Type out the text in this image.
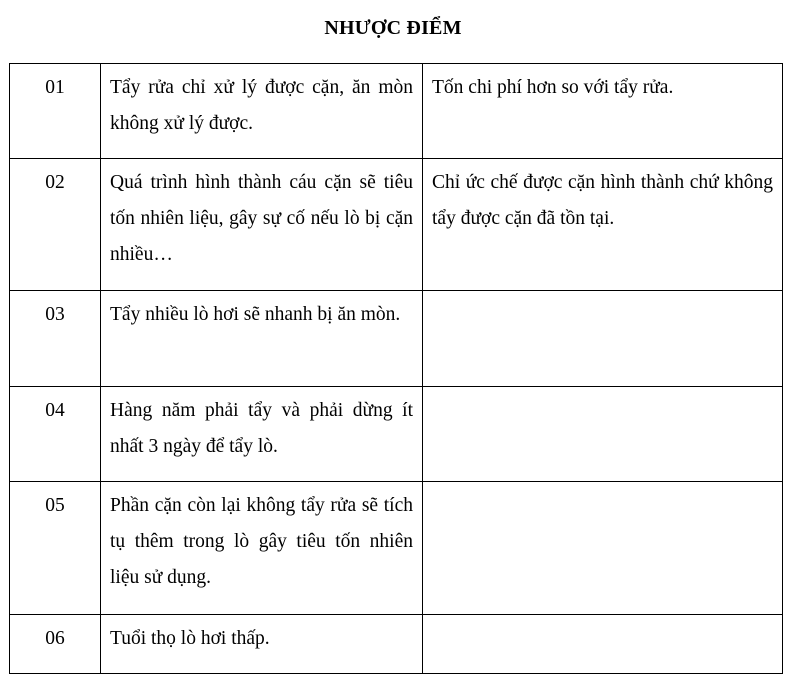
NHƯỢC ĐIỂM
01	Tẩy rửa chỉ xử lý được cặn, ăn mòn không xử lý được.	Tốn chi phí hơn so với tẩy rửa.
02	Quá trình hình thành cáu cặn sẽ tiêu tốn nhiên liệu, gây sự cố nếu lò bị cặn nhiều…	Chỉ ức chế được cặn hình thành chứ không tẩy được cặn đã tồn tại.
03	Tẩy nhiều lò hơi sẽ nhanh bị ăn mòn.	
04	Hàng năm phải tẩy và phải dừng ít nhất 3 ngày để tẩy lò.	
05	Phần cặn còn lại không tẩy rửa sẽ tích tụ thêm trong lò gây tiêu tốn nhiên liệu sử dụng.	
06	Tuổi thọ lò hơi thấp.	
